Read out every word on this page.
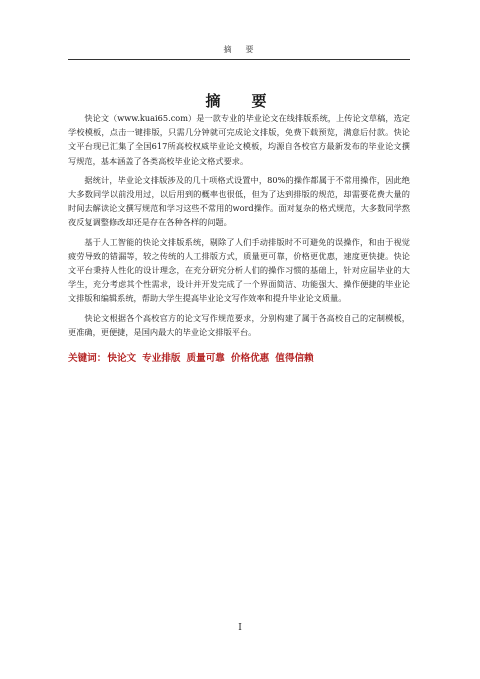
摘　要
摘　要

快论文（www.kuai65.com）是一款专业的毕业论文在线排版系统，上传论文草稿，选定学校模板，点击一键排版，只需几分钟就可完成论文排版，免费下载预览，满意后付款。快论文平台现已汇集了全国617所高校权威毕业论文模板，均源自各校官方最新发布的毕业论文撰写规范，基本涵盖了各类高校毕业论文格式要求。

据统计，毕业论文排版涉及的几十项格式设置中，80%的操作都属于不常用操作，因此绝大多数同学以前没用过，以后用到的概率也很低，但为了达到排版的规范，却需要花费大量的时间去解读论文撰写规范和学习这些不常用的word操作。面对复杂的格式规范，大多数同学熬夜反复调整修改却还是存在各种各样的问题。

基于人工智能的快论文排版系统，剔除了人们手动排版时不可避免的误操作，和由于视觉疲劳导致的错漏等，较之传统的人工排版方式，质量更可靠，价格更优惠，速度更快捷。快论文平台秉持人性化的设计理念，在充分研究分析人们的操作习惯的基础上，针对应届毕业的大学生，充分考虑其个性需求，设计并开发完成了一个界面简洁、功能强大、操作便捷的毕业论文排版和编辑系统，帮助大学生提高毕业论文写作效率和提升毕业论文质量。

快论文根据各个高校官方的论文写作规范要求，分别构建了属于各高校自己的定制模板，更准确，更便捷，是国内最大的毕业论文排版平台。

关键词：快论文 专业排版 质量可靠 价格优惠 值得信赖
I
